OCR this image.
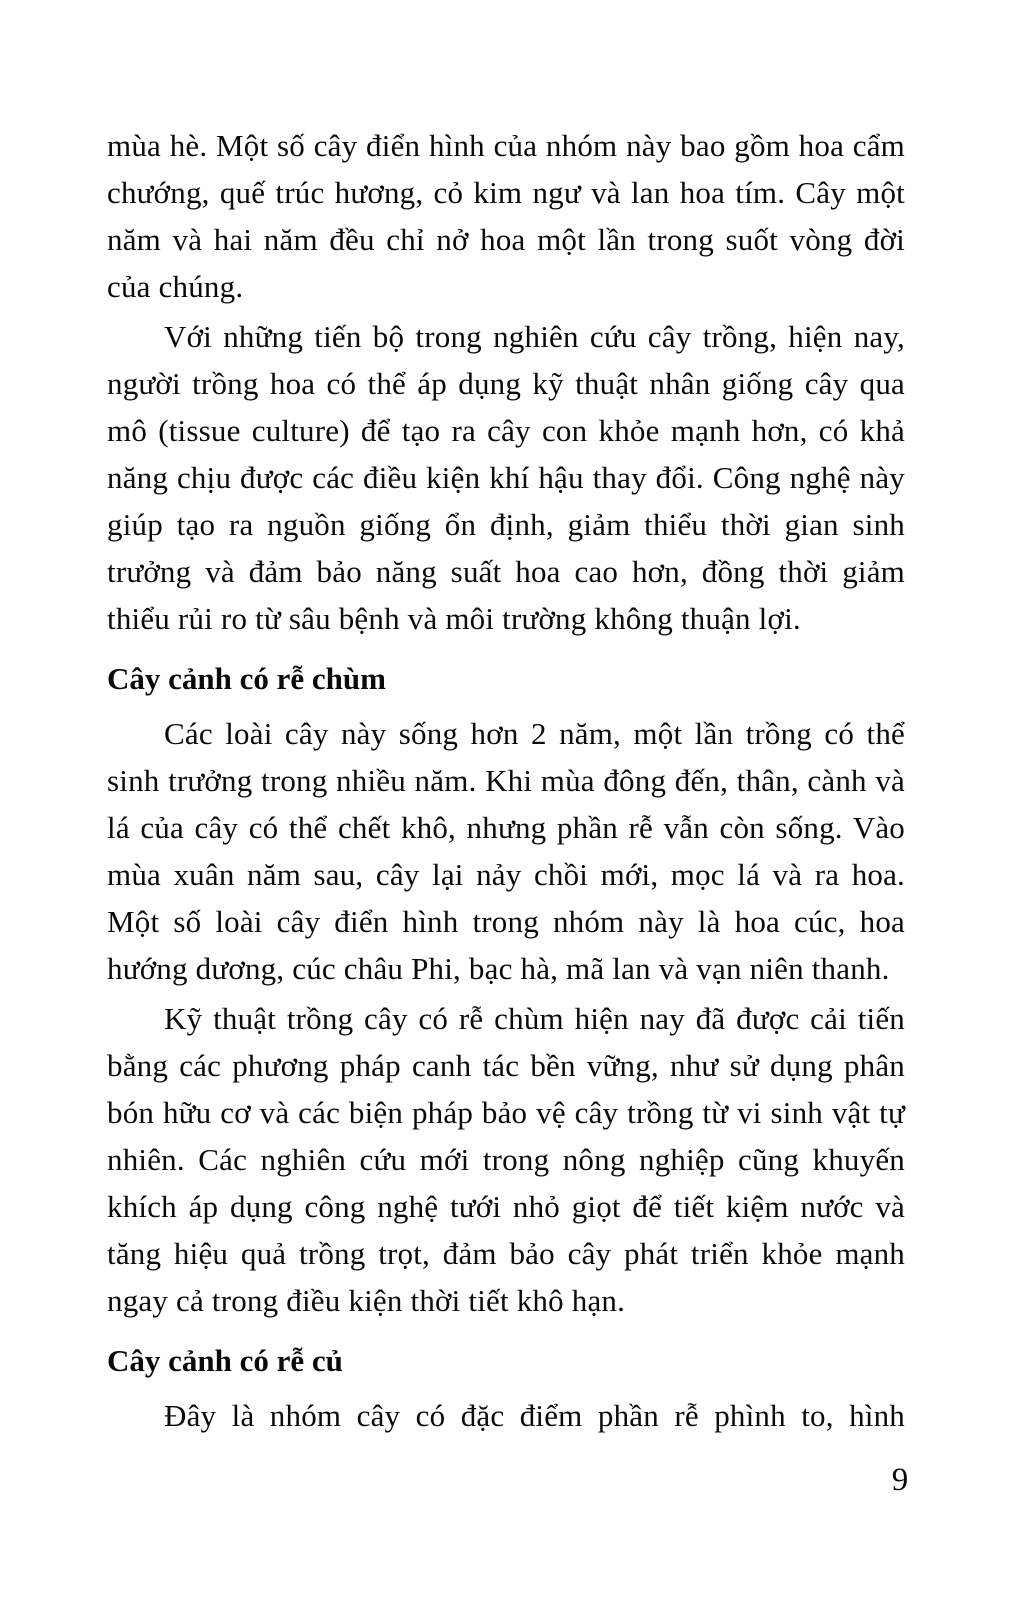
mùa hè. Một số cây điển hình của nhóm này bao gồm hoa cẩm chướng, quế trúc hương, cỏ kim ngư và lan hoa tím. Cây một năm và hai năm đều chỉ nở hoa một lần trong suốt vòng đời của chúng.

Với những tiến bộ trong nghiên cứu cây trồng, hiện nay, người trồng hoa có thể áp dụng kỹ thuật nhân giống cây qua mô (tissue culture) để tạo ra cây con khỏe mạnh hơn, có khả năng chịu được các điều kiện khí hậu thay đổi. Công nghệ này giúp tạo ra nguồn giống ổn định, giảm thiểu thời gian sinh trưởng và đảm bảo năng suất hoa cao hơn, đồng thời giảm thiểu rủi ro từ sâu bệnh và môi trường không thuận lợi.

Cây cảnh có rễ chùm

Các loài cây này sống hơn 2 năm, một lần trồng có thể sinh trưởng trong nhiều năm. Khi mùa đông đến, thân, cành và lá của cây có thể chết khô, nhưng phần rễ vẫn còn sống. Vào mùa xuân năm sau, cây lại nảy chồi mới, mọc lá và ra hoa. Một số loài cây điển hình trong nhóm này là hoa cúc, hoa hướng dương, cúc châu Phi, bạc hà, mã lan và vạn niên thanh.

Kỹ thuật trồng cây có rễ chùm hiện nay đã được cải tiến bằng các phương pháp canh tác bền vững, như sử dụng phân bón hữu cơ và các biện pháp bảo vệ cây trồng từ vi sinh vật tự nhiên. Các nghiên cứu mới trong nông nghiệp cũng khuyến khích áp dụng công nghệ tưới nhỏ giọt để tiết kiệm nước và tăng hiệu quả trồng trọt, đảm bảo cây phát triển khỏe mạnh ngay cả trong điều kiện thời tiết khô hạn.

Cây cảnh có rễ củ

Đây là nhóm cây có đặc điểm phần rễ phình to, hình

9
